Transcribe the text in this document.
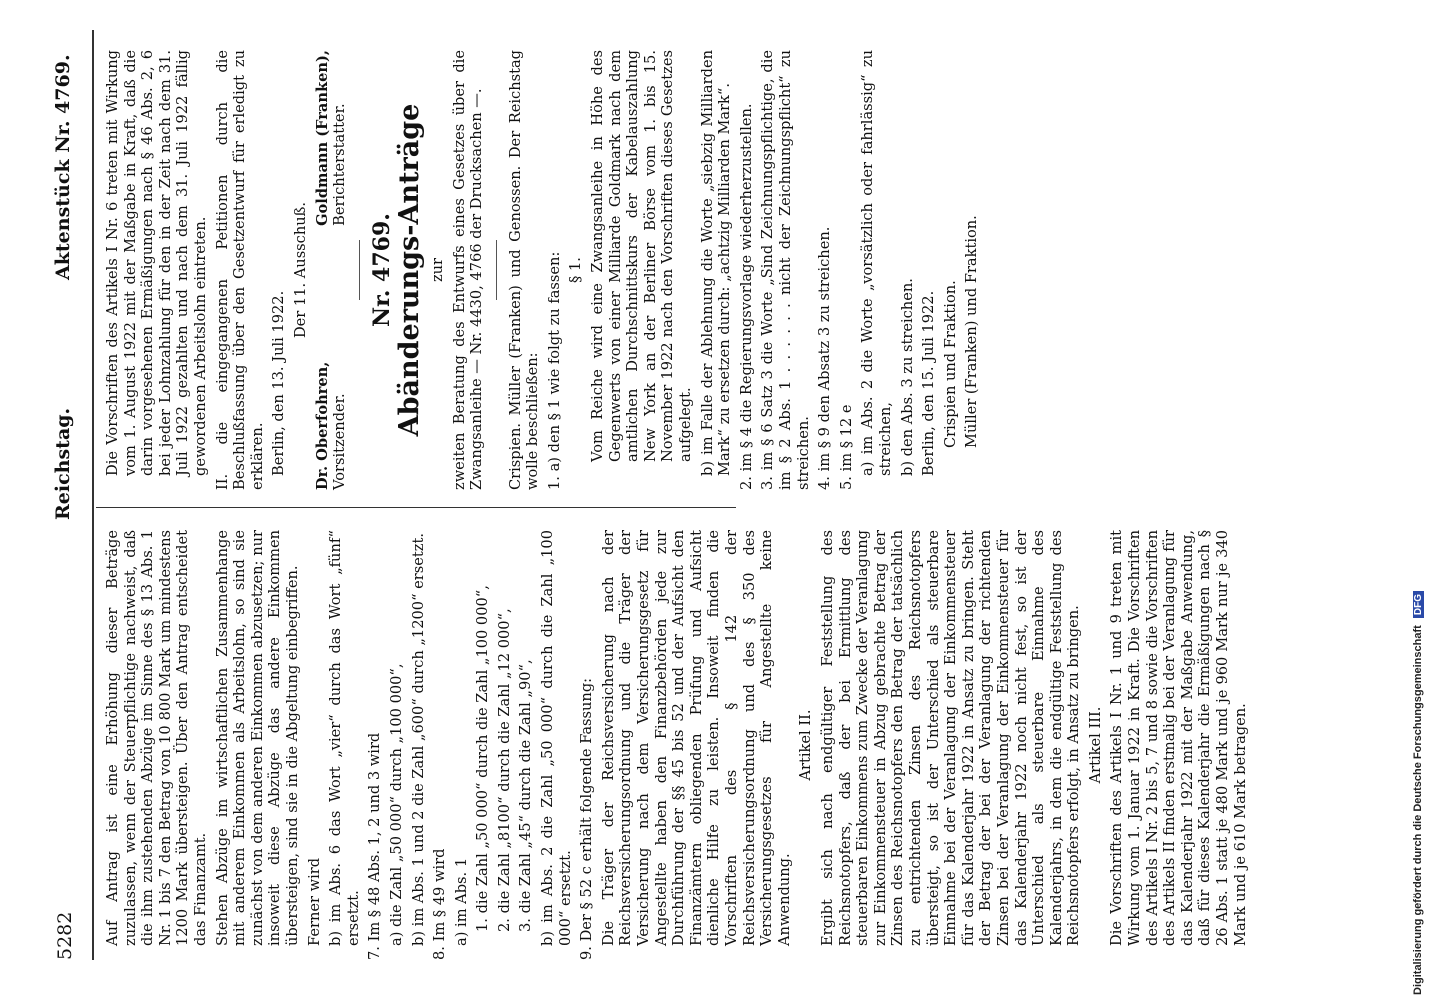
5282
Reichstag.
Aktenstück Nr. 4769.

Auf Antrag ist eine Erhöhung dieser Beträge zuzulassen, wenn der Steuerpflichtige nachweist, daß die ihm zustehenden Abzüge im Sinne des § 13 Abs. 1 Nr. 1 bis 7 den Betrag von 10 800 Mark um mindestens 1200 Mark übersteigen. Über den Antrag entscheidet das Finanzamt. Stehen Abzüge im wirtschaftlichen Zusammenhange mit anderem Einkommen als Arbeitslohn, so sind sie zunächst von dem anderen Einkommen abzusetzen; nur insoweit diese Abzüge das andere Einkommen übersteigen, sind sie in die Abgeltung einbegriffen. Ferner wird b) im Abs. 6 das Wort „vier“ durch das Wort „fünf“ ersetzt. 7. Im § 48 Abs. 1, 2 und 3 wird a) die Zahl „50 000“ durch „100 000“, b) im Abs. 1 und 2 die Zahl „600“ durch „1200“ ersetzt. 8. Im § 49 wird a) im Abs. 1 1. die Zahl „50 000“ durch die Zahl „100 000“, 2. die Zahl „8100“ durch die Zahl „12 000“, 3. die Zahl „45“ durch die Zahl „90“, b) im Abs. 2 die Zahl „50 000“ durch die Zahl „100 000“ ersetzt. 9. Der § 52 c erhält folgende Fassung: Die Träger der Reichsversicherung nach der Reichsversicherungsordnung und die Träger der Versicherung nach dem Versicherungsgesetz für Angestellte haben den Finanzbehörden jede zur Durchführung der §§ 45 bis 52 und der Aufsicht den Finanzämtern obliegenden Prüfung und Aufsicht dienliche Hilfe zu leisten. Insoweit finden die Vorschriften des § 142 der Reichsversicherungsordnung und des § 350 des Versicherungsgesetzes für Angestellte keine Anwendung.

Artikel II. Ergibt sich nach endgültiger Feststellung des Reichsnotopfers, daß der bei Ermittlung des steuerbaren Einkommens zum Zwecke der Veranlagung zur Einkommensteuer in Abzug gebrachte Betrag der Zinsen des Reichsnotopfers den Betrag der tatsächlich zu entrichtenden Zinsen des Reichsnotopfers übersteigt, so ist der Unterschied als steuerbare Einnahme bei der Veranlagung der Einkommensteuer für das Kalenderjahr 1922 in Ansatz zu bringen. Steht der Betrag der bei der Veranlagung der richtenden Zinsen bei der Veranlagung der Einkommensteuer für das Kalenderjahr 1922 noch nicht fest, so ist der Unterschied als steuerbare Einnahme des Kalenderjahrs, in dem die endgültige Feststellung des Reichsnotopfers erfolgt, in Ansatz zu bringen. Artikel III. Die Vorschriften des Artikels I Nr. 1 und 9 treten mit Wirkung vom 1. Januar 1922 in Kraft. Die Vorschriften des Artikels I Nr. 2 bis 5, 7 und 8 sowie die Vorschriften des Artikels II finden erstmalig bei der Veranlagung für das Kalenderjahr 1922 mit der Maßgabe Anwendung, daß für dieses Kalenderjahr die Ermäßigungen nach § 26 Abs. 1 statt je 480 Mark und je 960 Mark nur je 340 Mark und je 610 Mark betragen.

Die Vorschriften des Artikels I Nr. 6 treten mit Wirkung vom 1. August 1922 mit der Maßgabe in Kraft, daß die darin vorgesehenen Ermäßigungen nach § 46 Abs. 2, 6 bei jeder Lohnzahlung für den in der Zeit nach dem 31. Juli 1922 gezahlten und nach dem 31. Juli 1922 fällig gewordenen Arbeitslohn eintreten. II. die eingegangenen Petitionen durch die Beschlußfassung über den Gesetzentwurf für erledigt zu erklären. Berlin, den 13. Juli 1922.

Der 11. Ausschuß.

Dr. Oberfohren, Vorsitzender.
Goldmann (Franken), Berichterstatter.
Nr. 4769. Abänderungs-Anträge zur zweiten Beratung des Entwurfs eines Gesetzes über die Zwangsanleihe — Nr. 4430, 4766 der Drucksachen —. Crispien. Müller (Franken) und Genossen. Der Reichstag wolle beschließen: 1. a) den § 1 wie folgt zu fassen: § 1. Vom Reiche wird eine Zwangsanleihe in Höhe des Gegenwerts von einer Milliarde Goldmark nach dem amtlichen Durchschnittskurs der Kabelauszahlung New York an der Berliner Börse vom 1. bis 15. November 1922 nach den Vorschriften dieses Gesetzes aufgelegt. b) im Falle der Ablehnung die Worte „siebzig Milliarden Mark“ zu ersetzen durch: „achtzig Milliarden Mark“. 2. im § 4 die Regierungsvorlage wiederherzustellen. 3. im § 6 Satz 3 die Worte „Sind Zeichnungspflichtige, die im § 2 Abs. 1 . . . . . . nicht der Zeichnungspflicht“ zu streichen. 4. im § 9 den Absatz 3 zu streichen. 5. im § 12 e a) im Abs. 2 die Worte „vorsätzlich oder fahrlässig“ zu streichen, b) den Abs. 3 zu streichen. Berlin, den 15. Juli 1922. Crispien und Fraktion. Müller (Franken) und Fraktion.

Digitalisierung gefördert durch die Deutsche Forschungsgemeinschaft DFG
